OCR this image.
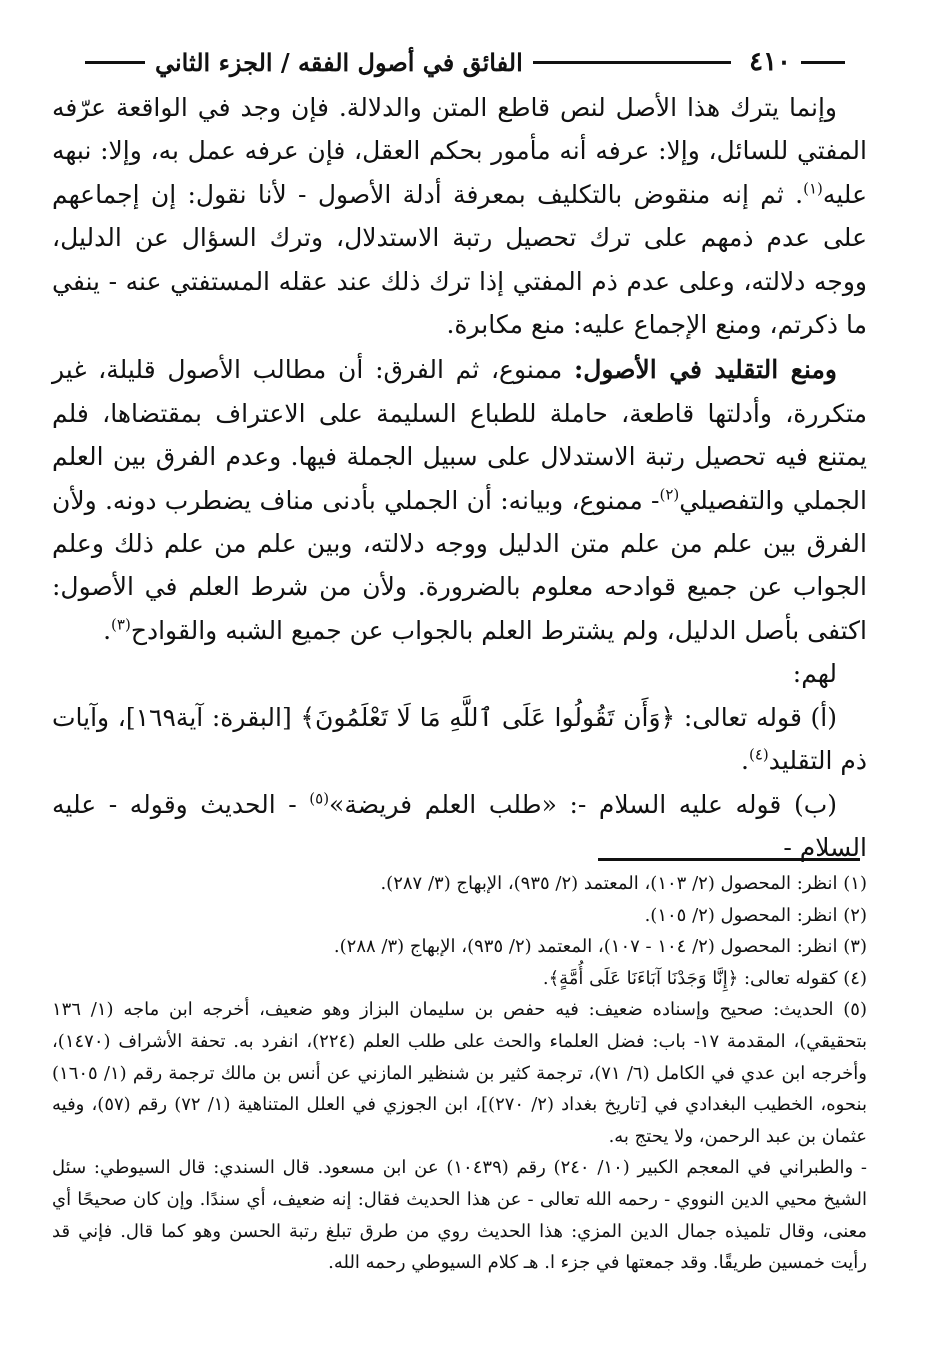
٤١٠
الفائق في أصول الفقه / الجزء الثاني

وإنما يترك هذا الأصل لنص قاطع المتن والدلالة. فإن وجد في الواقعة عرّفه المفتي للسائل، وإلا: عرفه أنه مأمور بحكم العقل، فإن عرفه عمل به، وإلا: نبهه عليه$^{(١)}$. ثم إنه منقوض بالتكليف بمعرفة أدلة الأصول - لأنا نقول: إن إجماعهم على عدم ذمهم على ترك تحصيل رتبة الاستدلال، وترك السؤال عن الدليل، ووجه دلالته، وعلى عدم ذم المفتي إذا ترك ذلك عند عقله المستفتي عنه - ينفي ما ذكرتم، ومنع الإجماع عليه: منع مكابرة.

ومنع التقليد في الأصول: ممنوع، ثم الفرق: أن مطالب الأصول قليلة، غير متكررة، وأدلتها قاطعة، حاملة للطباع السليمة على الاعتراف بمقتضاها، فلم يمتنع فيه تحصيل رتبة الاستدلال على سبيل الجملة فيها. وعدم الفرق بين العلم الجملي والتفصيلي$^{(٢)}$- ممنوع، وبيانه: أن الجملي بأدنى مناف يضطرب دونه. ولأن الفرق بين علم من علم متن الدليل ووجه دلالته، وبين علم من علم ذلك وعلم الجواب عن جميع قوادحه معلوم بالضرورة. ولأن من شرط العلم في الأصول: اكتفى بأصل الدليل، ولم يشترط العلم بالجواب عن جميع الشبه والقوادح$^{(٣)}$.

لهم:

(أ) قوله تعالى: ﴿وَأَن تَقُولُوا عَلَى ٱللَّهِ مَا لَا تَعْلَمُونَ﴾ [البقرة: آية١٦٩]، وآيات ذم التقليد$^{(٤)}$.

(ب) قوله عليه السلام -: «طلب العلم فريضة»$^{(٥)}$ - الحديث وقوله - عليه السلام -

(١) انظر: المحصول (٢/ ١٠٣)، المعتمد (٢/ ٩٣٥)، الإبهاج (٣/ ٢٨٧).

(٢) انظر: المحصول (٢/ ١٠٥).

(٣) انظر: المحصول (٢/ ١٠٤ - ١٠٧)، المعتمد (٢/ ٩٣٥)، الإبهاج (٣/ ٢٨٨).

(٤) كقوله تعالى: ﴿إِنَّا وَجَدْنَا آبَاءَنَا عَلَى أُمَّةٍ﴾.

(٥) الحديث: صحيح وإسناده ضعيف: فيه حفص بن سليمان البزاز وهو ضعيف، أخرجه ابن ماجه (١/ ١٣٦ بتحقيقي)، المقدمة ١٧- باب: فضل العلماء والحث على طلب العلم (٢٢٤)، انفرد به. تحفة الأشراف (١٤٧٠)، وأخرجه ابن عدي في الكامل (٦/ ٧١)، ترجمة كثير بن شنظير المازني عن أنس بن مالك ترجمة رقم (١/ ١٦٠٥) بنحوه، الخطيب البغدادي في [تاريخ بغداد (٢/ ٢٧٠)]، ابن الجوزي في العلل المتناهية (١/ ٧٢) رقم (٥٧)، وفيه عثمان بن عبد الرحمن، ولا يحتج به.

- والطبراني في المعجم الكبير (١٠/ ٢٤٠) رقم (١٠٤٣٩) عن ابن مسعود. قال السندي: قال السيوطي: سئل الشيخ محيي الدين النووي - رحمه الله تعالى - عن هذا الحديث فقال: إنه ضعيف، أي سندًا. وإن كان صحيحًا أي معنى، وقال تلميذه جمال الدين المزي: هذا الحديث روي من طرق تبلغ رتبة الحسن وهو كما قال. فإني قد رأيت خمسين طريقًا. وقد جمعتها في جزء ا. هـ كلام السيوطي رحمه الله.
